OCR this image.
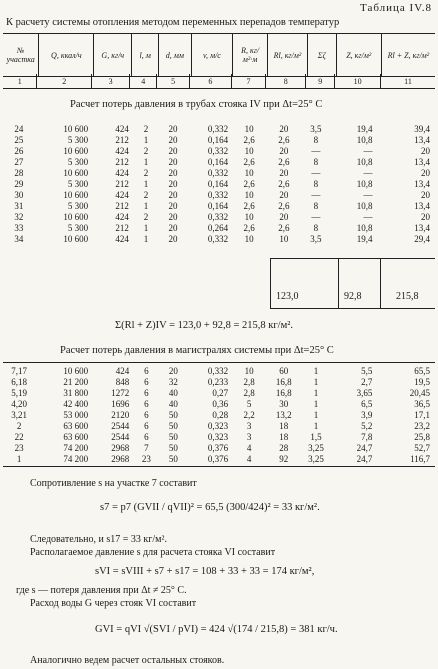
Таблица IV.8
К расчету системы отопления методом переменных перепадов температур
№ участка	Q, ккал/ч	G, кг/ч	l, м	d, мм	v, м/с	R, кг/м²·м	Rl, кг/м²	Σζ	Z, кг/м²	Rl + Z, кг/м²
1	2	3	4	5	6	7	8	9	10	11
Расчет потерь давления в трубах стояка IV при Δt=25° C
24	10 600	424	2	20	0,332	10	20	3,5	19,4	39,4
25	5 300	212	1	20	0,164	2,6	2,6	8	10,8	13,4
26	10 600	424	2	20	0,332	10	20	—	—	20
27	5 300	212	1	20	0,164	2,6	2,6	8	10,8	13,4
28	10 600	424	2	20	0,332	10	20	—	—	20
29	5 300	212	1	20	0,164	2,6	2,6	8	10,8	13,4
30	10 600	424	2	20	0,332	10	20	—	—	20
31	5 300	212	1	20	0,164	2,6	2,6	8	10,8	13,4
32	10 600	424	2	20	0,332	10	20	—	—	20
33	5 300	212	1	20	0,264	2,6	2,6	8	10,8	13,4
34	10 600	424	1	20	0,332	10	10	3,5	19,4	29,4
123,0	92,8	215,8
Σ(Rl + Z)IV = 123,0 + 92,8 = 215,8 кг/м².
Расчет потерь давления в магистралях системы при Δt=25° C
7,17	10 600	424	6	20	0,332	10	60	1	5,5	65,5
6,18	21 200	848	6	32	0,233	2,8	16,8	1	2,7	19,5
5,19	31 800	1272	6	40	0,27	2,8	16,8	1	3,65	20,45
4,20	42 400	1696	6	40	0,36	5	30	1	6,5	36,5
3,21	53 000	2120	6	50	0,28	2,2	13,2	1	3,9	17,1
2	63 600	2544	6	50	0,323	3	18	1	5,2	23,2
22	63 600	2544	6	50	0,323	3	18	1,5	7,8	25,8
23	74 200	2968	7	50	0,376	4	28	3,25	24,7	52,7
1	74 200	2968	23	50	0,376	4	92	3,25	24,7	116,7
Сопротивление s на участке 7 составит
s7 = p7 (GVII / qVII)² = 65,5 (300/424)² = 33 кг/м².
Следовательно, и s17 = 33 кг/м².
Располагаемое давление s для расчета стояка VI составит
sVI = sVIII + s7 + s17 = 108 + 33 + 33 = 174 кг/м²,
где s — потеря давления при Δt ≠ 25° C.
Расход воды G через стояк VI составит
GVI = qVI √(SVI / pVI) = 424 √(174 / 215,8) = 381 кг/ч.
Аналогично ведем расчет остальных стояков.
